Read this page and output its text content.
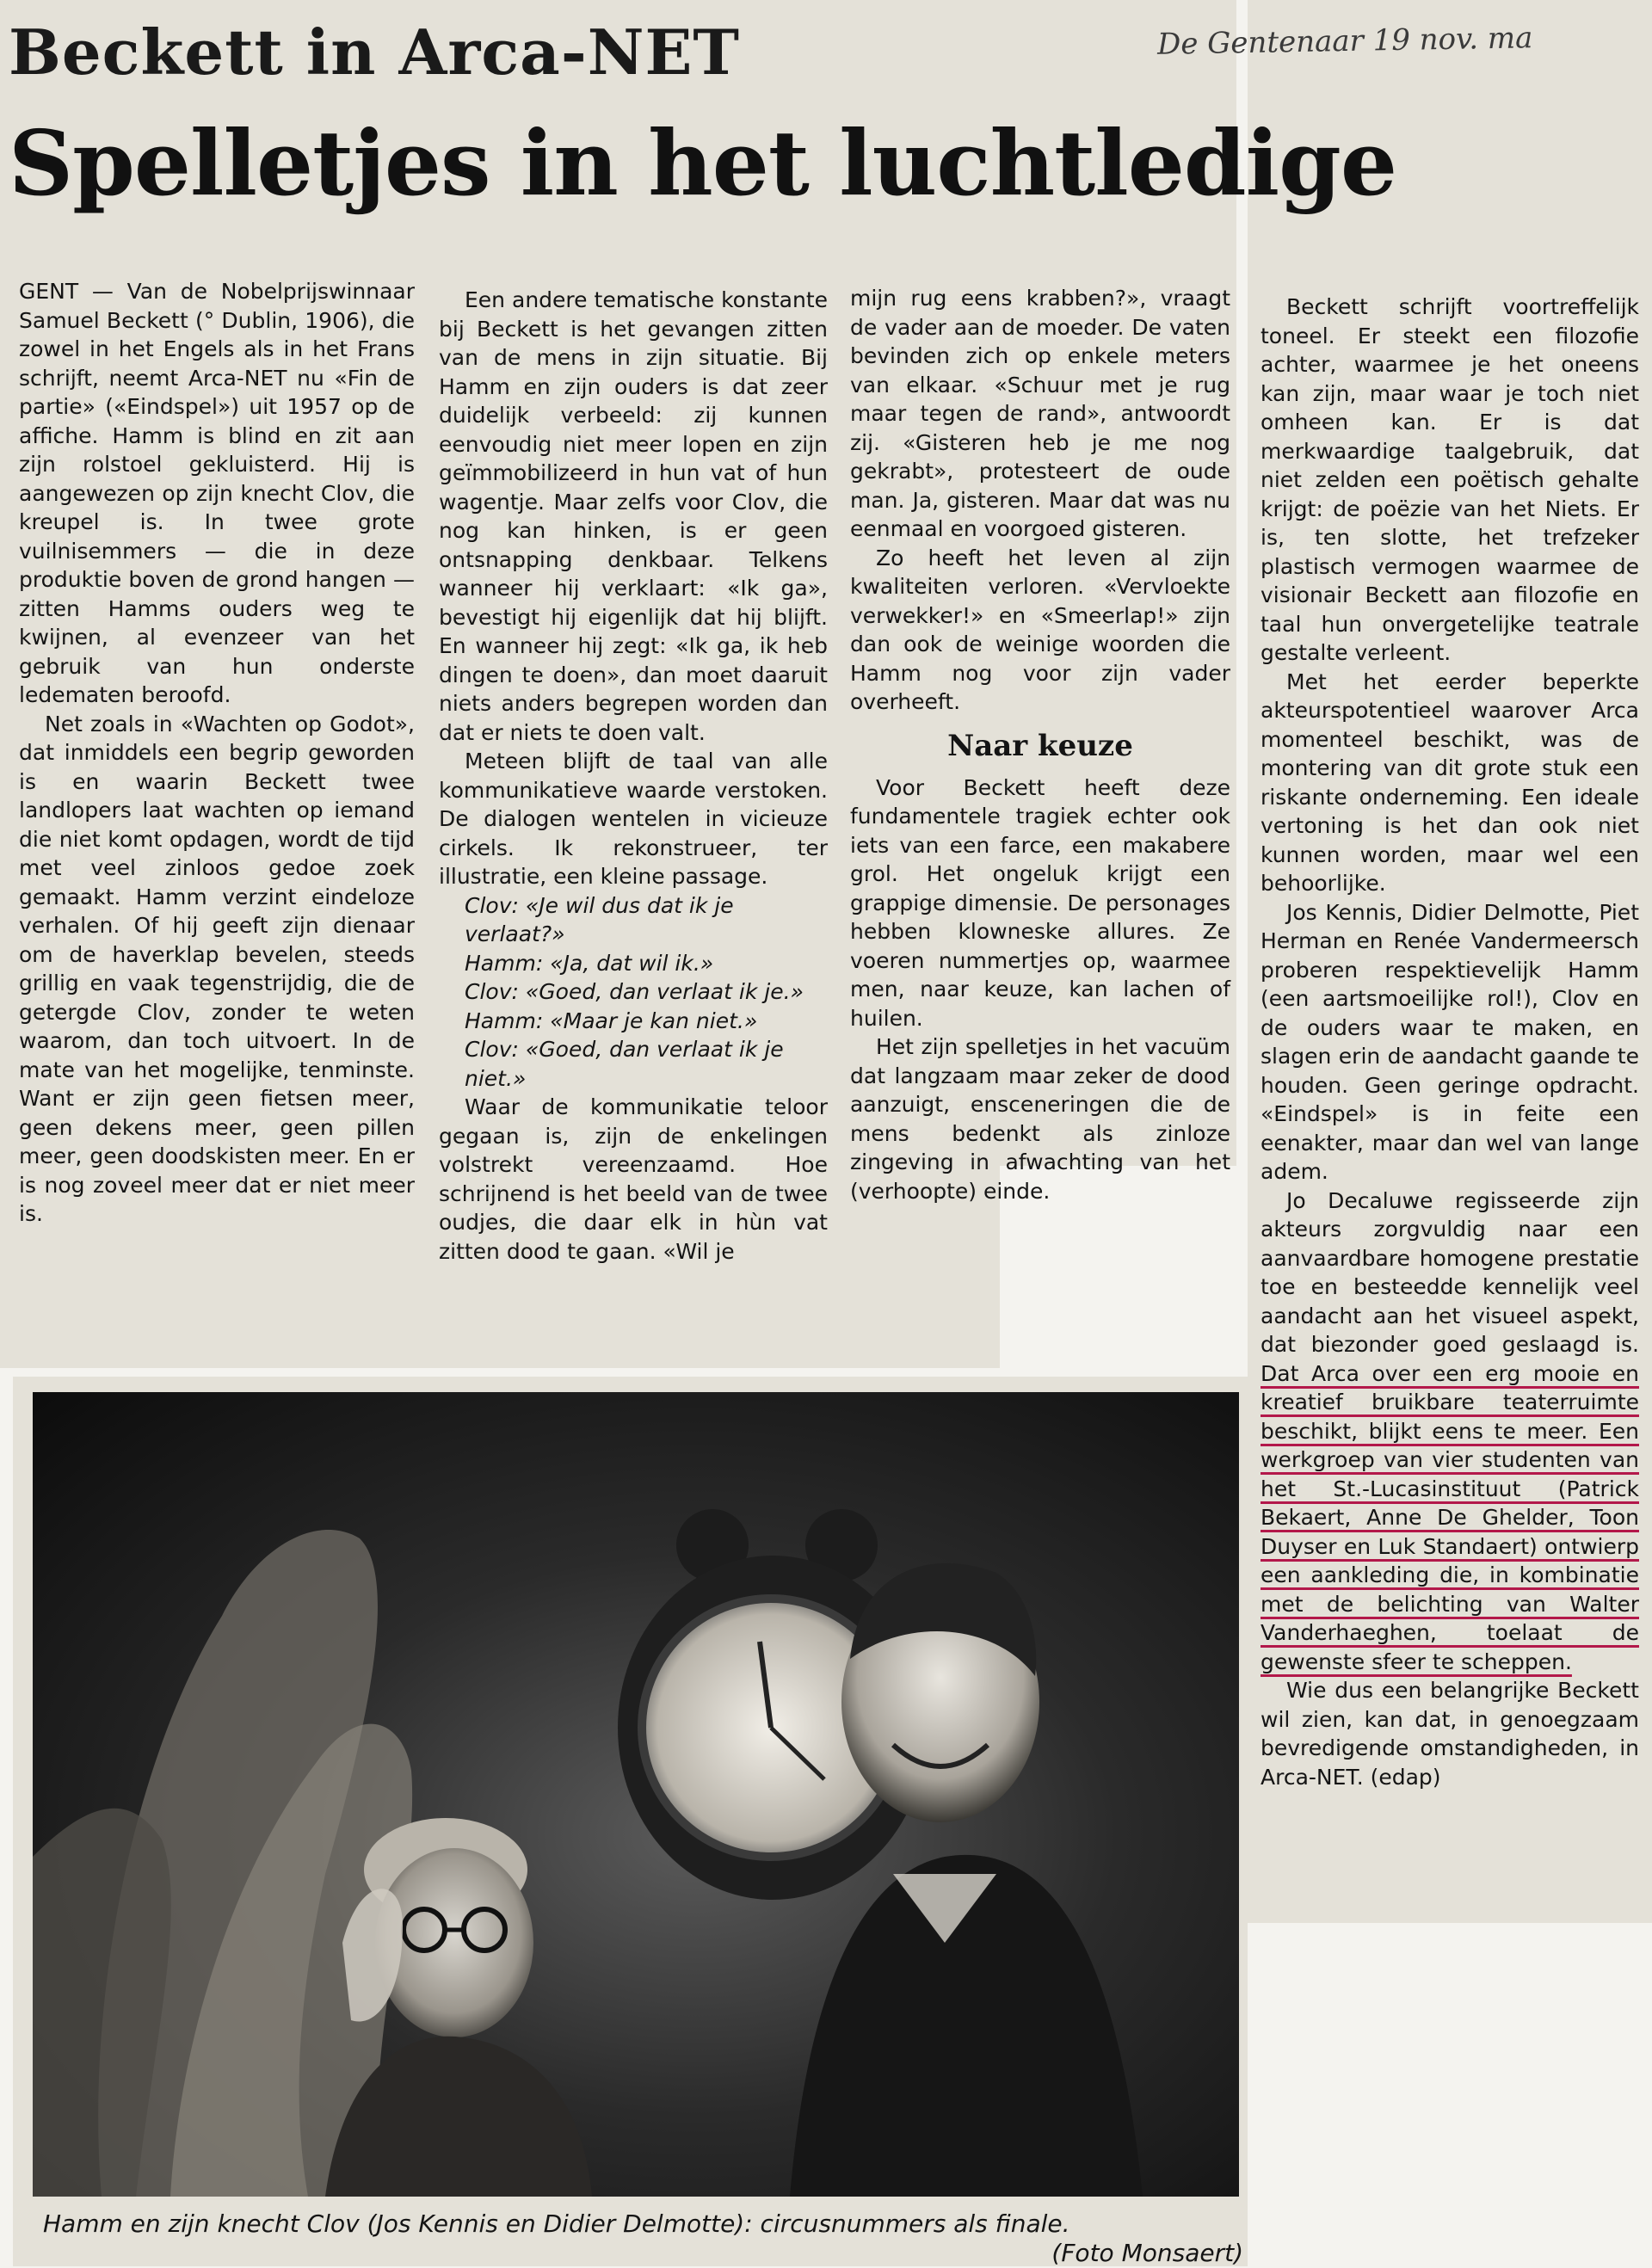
Beckett in Arca-NET
Spelletjes in het luchtledige
De Gentenaar 19 nov. ma

GENT — Van de Nobelprijswinnaar Samuel Beckett (° Dublin, 1906), die zowel in het Engels als in het Frans schrijft, neemt Arca-NET nu «Fin de partie» («Eindspel») uit 1957 op de affiche. Hamm is blind en zit aan zijn rolstoel gekluisterd. Hij is aangewezen op zijn knecht Clov, die kreupel is. In twee grote vuilnisemmers — die in deze produktie boven de grond hangen — zitten Hamms ouders weg te kwijnen, al evenzeer van het gebruik van hun onderste ledematen beroofd.

Net zoals in «Wachten op Godot», dat inmiddels een begrip geworden is en waarin Beckett twee landlopers laat wachten op iemand die niet komt opdagen, wordt de tijd met veel zinloos gedoe zoek gemaakt. Hamm verzint eindeloze verhalen. Of hij geeft zijn dienaar om de haverklap bevelen, steeds grillig en vaak tegenstrijdig, die de getergde Clov, zonder te weten waarom, dan toch uitvoert. In de mate van het mogelijke, tenminste. Want er zijn geen fietsen meer, geen dekens meer, geen pillen meer, geen doodskisten meer. En er is nog zoveel meer dat er niet meer is.

Een andere tematische konstante bij Beckett is het gevangen zitten van de mens in zijn situatie. Bij Hamm en zijn ouders is dat zeer duidelijk verbeeld: zij kunnen eenvoudig niet meer lopen en zijn geïmmobilizeerd in hun vat of hun wagentje. Maar zelfs voor Clov, die nog kan hinken, is er geen ontsnapping denkbaar. Telkens wanneer hij verklaart: «Ik ga», bevestigt hij eigenlijk dat hij blijft. En wanneer hij zegt: «Ik ga, ik heb dingen te doen», dan moet daaruit niets anders begrepen worden dan dat er niets te doen valt.

Meteen blijft de taal van alle kommunikatieve waarde verstoken. De dialogen wentelen in vicieuze cirkels. Ik rekonstrueer, ter illustratie, een kleine passage.

Clov: «Je wil dus dat ik je verlaat?»

Hamm: «Ja, dat wil ik.»

Clov: «Goed, dan verlaat ik je.»

Hamm: «Maar je kan niet.»

Clov: «Goed, dan verlaat ik je niet.»

Waar de kommunikatie teloor gegaan is, zijn de enkelingen volstrekt vereenzaamd. Hoe schrijnend is het beeld van de twee oudjes, die daar elk in hùn vat zitten dood te gaan. «Wil je

mijn rug eens krabben?», vraagt de vader aan de moeder. De vaten bevinden zich op enkele meters van elkaar. «Schuur met je rug maar tegen de rand», antwoordt zij. «Gisteren heb je me nog gekrabt», protesteert de oude man. Ja, gisteren. Maar dat was nu eenmaal en voorgoed gisteren.

Zo heeft het leven al zijn kwaliteiten verloren. «Vervloekte verwekker!» en «Smeerlap!» zijn dan ook de weinige woorden die Hamm nog voor zijn vader overheeft.

Naar keuze

Voor Beckett heeft deze fundamentele tragiek echter ook iets van een farce, een makabere grol. Het ongeluk krijgt een grappige dimensie. De personages hebben klowneske allures. Ze voeren nummertjes op, waarmee men, naar keuze, kan lachen of huilen.

Het zijn spelletjes in het vacuüm dat langzaam maar zeker de dood aanzuigt, ensceneringen die de mens bedenkt als zinloze zingeving in afwachting van het (verhoopte) einde.

Beckett schrijft voortreffelijk toneel. Er steekt een filozofie achter, waarmee je het oneens kan zijn, maar waar je toch niet omheen kan. Er is dat merkwaardige taalgebruik, dat niet zelden een poëtisch gehalte krijgt: de poëzie van het Niets. Er is, ten slotte, het trefzeker plastisch vermogen waarmee de visionair Beckett aan filozofie en taal hun onvergetelijke teatrale gestalte verleent.

Met het eerder beperkte akteurspotentieel waarover Arca momenteel beschikt, was de montering van dit grote stuk een riskante onderneming. Een ideale vertoning is het dan ook niet kunnen worden, maar wel een behoorlijke.

Jos Kennis, Didier Delmotte, Piet Herman en Renée Vandermeersch proberen respektievelijk Hamm (een aartsmoeilijke rol!), Clov en de ouders waar te maken, en slagen erin de aandacht gaande te houden. Geen geringe opdracht. «Eindspel» is in feite een eenakter, maar dan wel van lange adem.

Jo Decaluwe regisseerde zijn akteurs zorgvuldig naar een aanvaardbare homogene prestatie toe en besteedde kennelijk veel aandacht aan het visueel aspekt, dat biezonder goed geslaagd is. Dat Arca over een erg mooie en kreatief bruikbare teaterruimte beschikt, blijkt eens te meer. Een werkgroep van vier studenten van het St.-Lucasinstituut (Patrick Bekaert, Anne De Ghelder, Toon Duyser en Luk Standaert) ontwierp een aankleding die, in kombinatie met de belichting van Walter Vanderhaeghen, toelaat de gewenste sfeer te scheppen.

Wie dus een belangrijke Beckett wil zien, kan dat, in genoegzaam bevredigende omstandigheden, in Arca-NET. (edap)

Hamm en zijn knecht Clov (Jos Kennis en Didier Delmotte): circusnummers als finale.
(Foto Monsaert)
